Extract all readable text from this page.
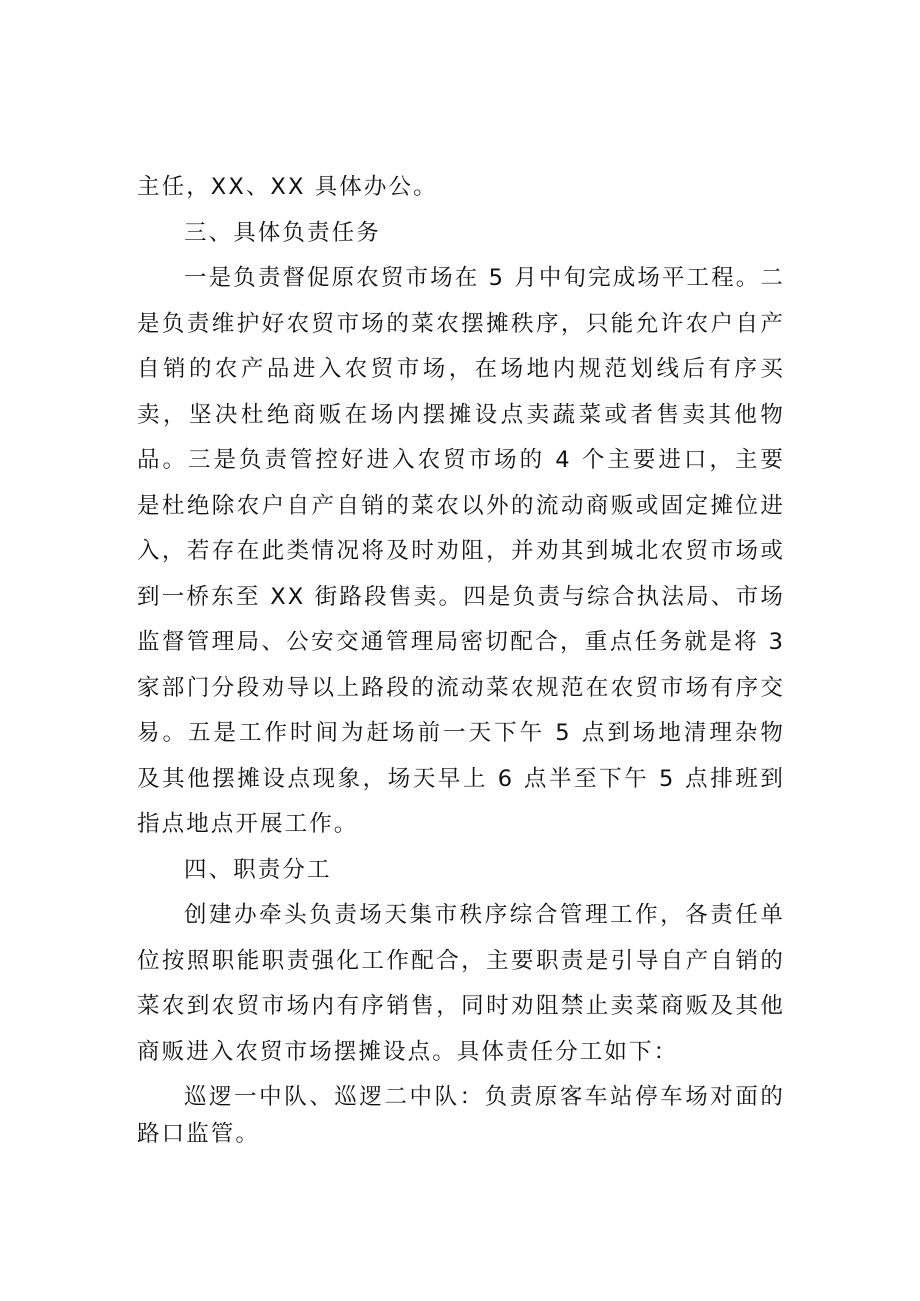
主任，XX、XX 具体办公。

三、具体负责任务

一是负责督促原农贸市场在 5 月中旬完成场平工程。二是负责维护好农贸市场的菜农摆摊秩序，只能允许农户自产自销的农产品进入农贸市场，在场地内规范划线后有序买卖，坚决杜绝商贩在场内摆摊设点卖蔬菜或者售卖其他物品。三是负责管控好进入农贸市场的 4 个主要进口，主要是杜绝除农户自产自销的菜农以外的流动商贩或固定摊位进入，若存在此类情况将及时劝阻，并劝其到城北农贸市场或到一桥东至 XX 街路段售卖。四是负责与综合执法局、市场监督管理局、公安交通管理局密切配合，重点任务就是将 3 家部门分段劝导以上路段的流动菜农规范在农贸市场有序交易。五是工作时间为赶场前一天下午 5 点到场地清理杂物及其他摆摊设点现象，场天早上 6 点半至下午 5 点排班到指点地点开展工作。

四、职责分工

创建办牵头负责场天集市秩序综合管理工作，各责任单位按照职能职责强化工作配合，主要职责是引导自产自销的菜农到农贸市场内有序销售，同时劝阻禁止卖菜商贩及其他商贩进入农贸市场摆摊设点。具体责任分工如下：

巡逻一中队、巡逻二中队：负责原客车站停车场对面的路口监管。
